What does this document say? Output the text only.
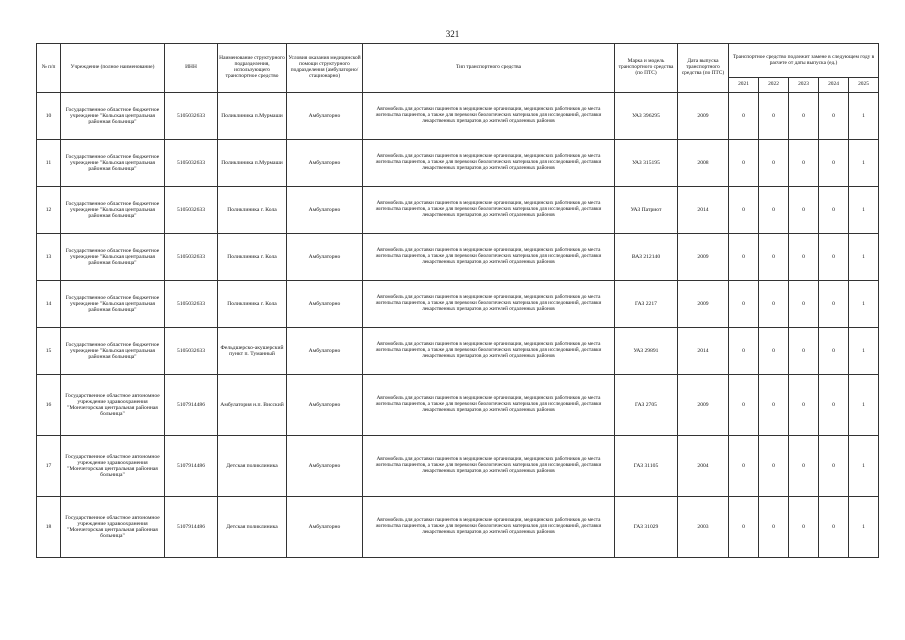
321
№ п/п	Учреждение (полное наименование)	ИНН	Наименование структурного подразделения, использующего транспортное средство	Условия оказания медицинской помощи структурного подразделения (амбулаторно/ стационарно)	Тип транспортного средства	Марка и модель транспортного средства (по ПТС)	Дата выпуска транспортного средства (по ПТС)	Транспортное средство подлежит замене в следующем году в расчете от даты выпуска (ед.)				
								2021	2022	2023	2024	2025
10	Государственное областное бюджетное учреждение "Кольская центральная районная больница"	5105032633	Поликлиника п.Мурмаши	Амбулаторно	Автомобиль для доставки пациентов в медицинские организации, медицинских работников до места жительства пациентов, а также для перевозки биологических материалов для исследований, доставки лекарственных препаратов до жителей отдаленных районов	УАЗ 396295	2009	0	0	0	0	1
11	Государственное областное бюджетное учреждение "Кольская центральная районная больница"	5105032633	Поликлиника п.Мурмаши	Амбулаторно	Автомобиль для доставки пациентов в медицинские организации, медицинских работников до места жительства пациентов, а также для перевозки биологических материалов для исследований, доставки лекарственных препаратов до жителей отдаленных районов	УАЗ 315195	2008	0	0	0	0	1
12	Государственное областное бюджетное учреждение "Кольская центральная районная больница"	5105032633	Поликлиника г. Кола	Амбулаторно	Автомобиль для доставки пациентов в медицинские организации, медицинских работников до места жительства пациентов, а также для перевозки биологических материалов для исследований, доставки лекарственных препаратов до жителей отдаленных районов	УАЗ Патриот	2014	0	0	0	0	1
13	Государственное областное бюджетное учреждение "Кольская центральная районная больница"	5105032633	Поликлиника г. Кола	Амбулаторно	Автомобиль для доставки пациентов в медицинские организации, медицинских работников до места жительства пациентов, а также для перевозки биологических материалов для исследований, доставки лекарственных препаратов до жителей отдаленных районов	ВАЗ 212140	2009	0	0	0	0	1
14	Государственное областное бюджетное учреждение "Кольская центральная районная больница"	5105032633	Поликлиника г. Кола	Амбулаторно	Автомобиль для доставки пациентов в медицинские организации, медицинских работников до места жительства пациентов, а также для перевозки биологических материалов для исследований, доставки лекарственных препаратов до жителей отдаленных районов	ГАЗ 2217	2009	0	0	0	0	1
15	Государственное областное бюджетное учреждение "Кольская центральная районная больница"	5105032633	Фельдшерско-акушерский пункт п. Туманный	Амбулаторно	Автомобиль для доставки пациентов в медицинские организации, медицинских работников до места жительства пациентов, а также для перевозки биологических материалов для исследований, доставки лекарственных препаратов до жителей отдаленных районов	УАЗ 29891	2014	0	0	0	0	1
16	Государственное областное автономное учреждение здравоохранения "Мончегорская центральная районная больница"	5107914486	Амбулатория н.п. Висский	Амбулаторно	Автомобиль для доставки пациентов в медицинские организации, медицинских работников до места жительства пациентов, а также для перевозки биологических материалов для исследований, доставки лекарственных препаратов до жителей отдаленных районов	ГАЗ 2705	2009	0	0	0	0	1
17	Государственное областное автономное учреждение здравоохранения "Мончегорская центральная районная больница"	5107914486	Детская поликлиника	Амбулаторно	Автомобиль для доставки пациентов в медицинские организации, медицинских работников до места жительства пациентов, а также для перевозки биологических материалов для исследований, доставки лекарственных препаратов до жителей отдаленных районов	ГАЗ 31105	2004	0	0	0	0	1
18	Государственное областное автономное учреждение здравоохранения "Мончегорская центральная районная больница"	5107914486	Детская поликлиника	Амбулаторно	Автомобиль для доставки пациентов в медицинские организации, медицинских работников до места жительства пациентов, а также для перевозки биологических материалов для исследований, доставки лекарственных препаратов до жителей отдаленных районов	ГАЗ 31029	2003	0	0	0	0	1
